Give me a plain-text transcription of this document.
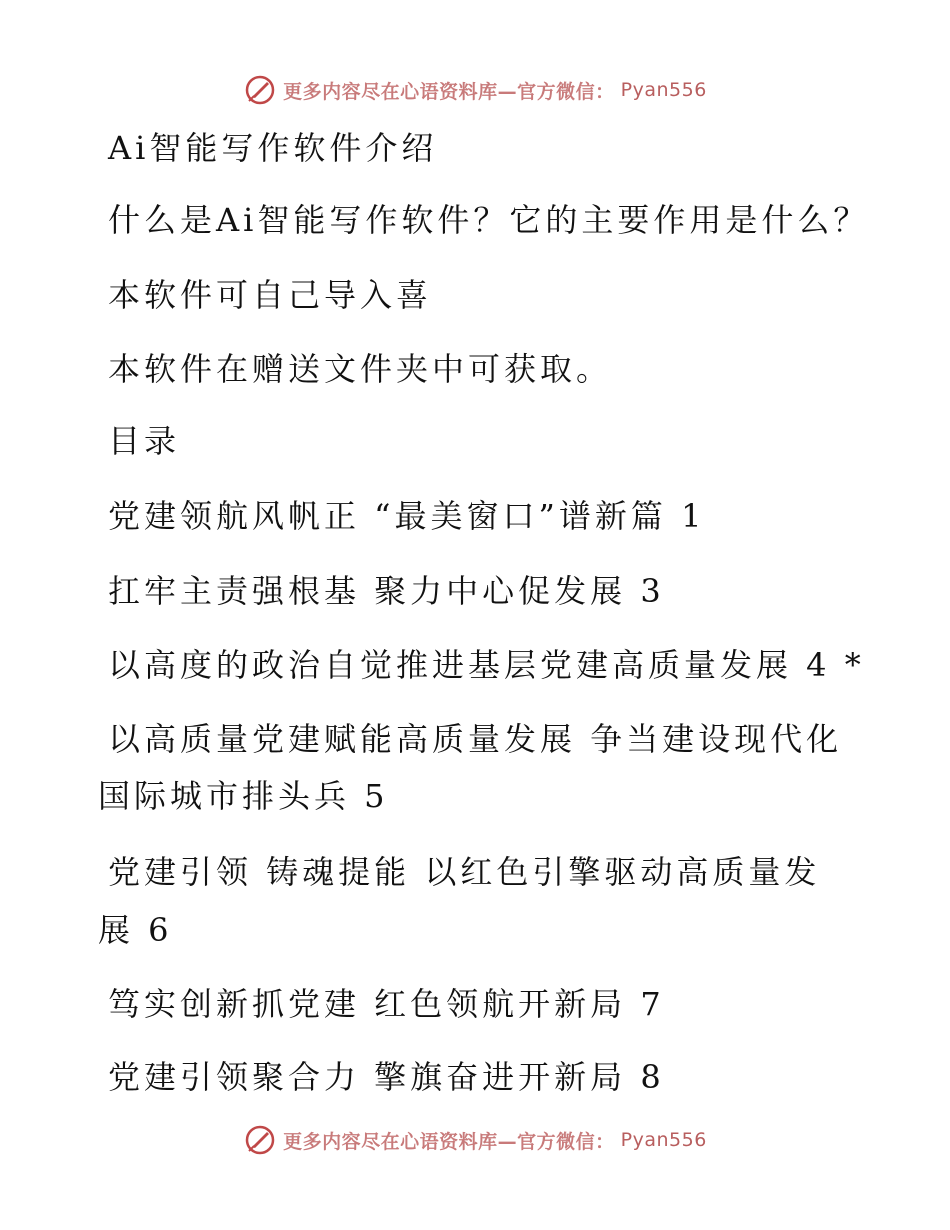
更多内容尽在心语资料库—官方微信： Pyan556
Ai智能写作软件介绍
什么是Ai智能写作软件？它的主要作用是什么？
本软件可自己导入喜
本软件在赠送文件夹中可获取。
目录
党建领航风帆正 “最美窗口”谱新篇 1
扛牢主责强根基 聚力中心促发展 3
以高度的政治自觉推进基层党建高质量发展 4 *
以高质量党建赋能高质量发展 争当建设现代化
国际城市排头兵 5
党建引领 铸魂提能 以红色引擎驱动高质量发
展 6
笃实创新抓党建 红色领航开新局 7
党建引领聚合力 擎旗奋进开新局 8
更多内容尽在心语资料库—官方微信： Pyan556
